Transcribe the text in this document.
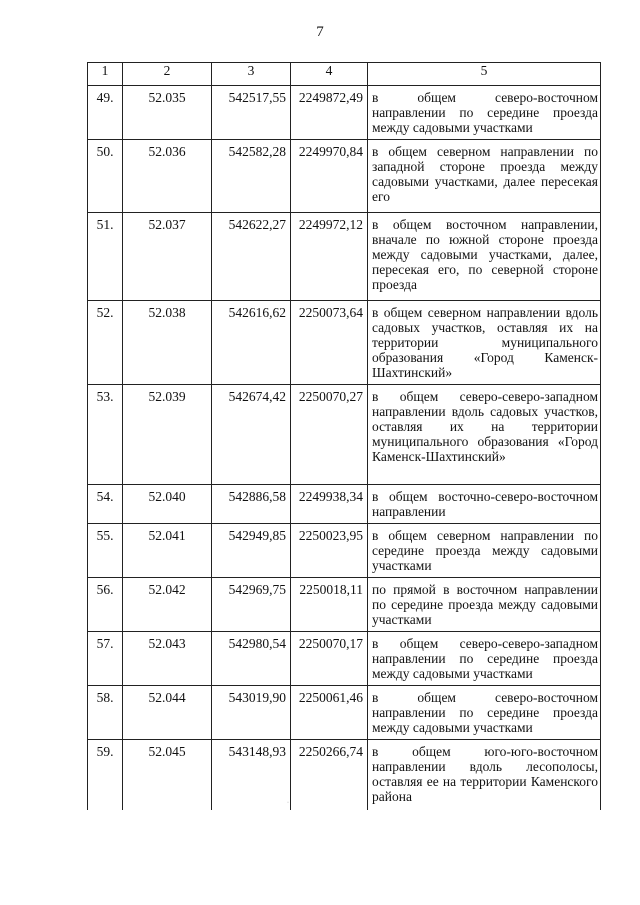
7
1	2	3	4	5
49.	52.035	542517,55	2249872,49	в общем северо-восточном направлении по середине проезда между садовыми участками
50.	52.036	542582,28	2249970,84	в общем северном направлении по западной стороне проезда между садовыми участками, далее пересекая его
51.	52.037	542622,27	2249972,12	в общем восточном направлении, вначале по южной стороне проезда между садовыми участками, далее, пересекая его, по северной стороне проезда
52.	52.038	542616,62	2250073,64	в общем северном направлении вдоль садовых участков, оставляя их на территории муниципального образования «Город Каменск-Шахтинский»
53.	52.039	542674,42	2250070,27	в общем северо-северо-западном направлении вдоль садовых участков, оставляя их на территории муниципального образования «Город Каменск-Шахтинский»
54.	52.040	542886,58	2249938,34	в общем восточно-северо-восточном направлении
55.	52.041	542949,85	2250023,95	в общем северном направлении по середине проезда между садовыми участками
56.	52.042	542969,75	2250018,11	по прямой в восточном направлении по середине проезда между садовыми участками
57.	52.043	542980,54	2250070,17	в общем северо-северо-западном направлении по середине проезда между садовыми участками
58.	52.044	543019,90	2250061,46	в общем северо-восточном направлении по середине проезда между садовыми участками
59.	52.045	543148,93	2250266,74	в общем юго-юго-восточном направлении вдоль лесополосы, оставляя ее на территории Каменского района
·
